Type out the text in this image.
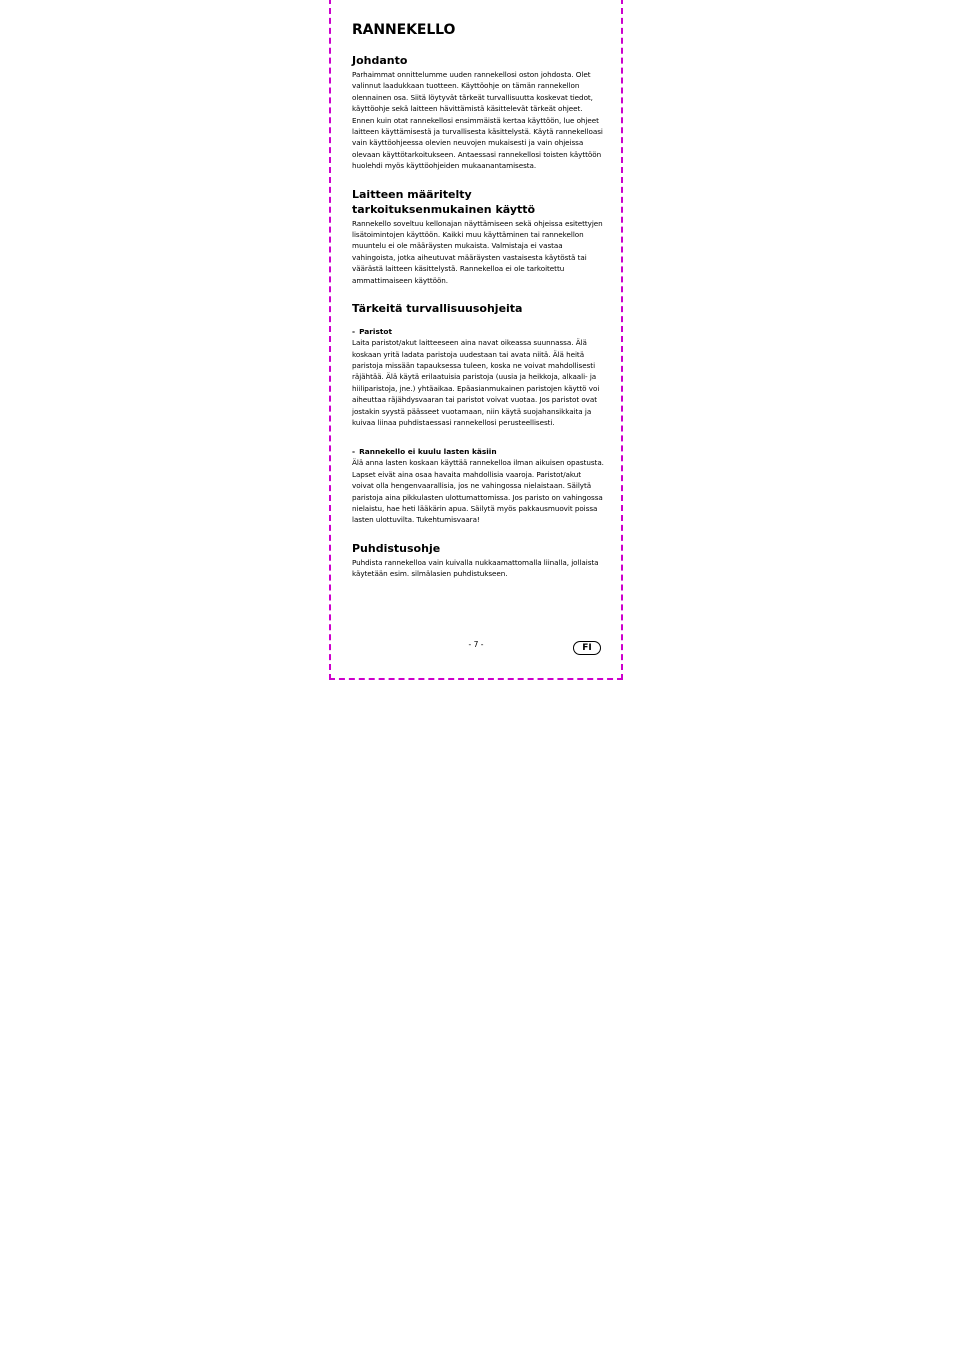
RANNEKELLO
Johdanto

Parhaimmat onnittelumme uuden rannekellosi oston johdosta. Olet valinnut laadukkaan tuotteen. Käyttöohje on tämän rannekellon olennainen osa. Siitä löytyvät tärkeät turvallisuutta koskevat tiedot, käyttöohje sekä laitteen hävittämistä käsittelevät tärkeät ohjeet. Ennen kuin otat rannekellosi ensimmäistä kertaa käyttöön, lue ohjeet laitteen käyttämisestä ja turvallisesta käsittelystä. Käytä rannekelloasi vain käyttöohjeessa olevien neuvojen mukaisesti ja vain ohjeissa olevaan käyttötarkoitukseen. Antaessasi rannekellosi toisten käyttöön huolehdi myös käyttöohjeiden mukaanantamisesta.

Laitteen määritelty
tarkoituksenmukainen käyttö

Rannekello soveltuu kellonajan näyttämiseen sekä ohjeissa esitettyjen lisätoimintojen käyttöön. Kaikki muu käyttäminen tai rannekellon muuntelu ei ole määräysten mukaista. Valmistaja ei vastaa vahingoista, jotka aiheutuvat määräysten vastaisesta käytöstä tai väärästä laitteen käsittelystä. Rannekelloa ei ole tarkoitettu ammattimaiseen käyttöön.

Tärkeitä turvallisuusohjeita
- Paristot

Laita paristot/akut laitteeseen aina navat oikeassa suunnassa. Älä koskaan yritä ladata paristoja uudestaan tai avata niitä. Älä heitä paristoja missään tapauksessa tuleen, koska ne voivat mahdollisesti räjähtää. Älä käytä erilaatuisia paristoja (uusia ja heikkoja, alkaali- ja hiiliparistoja, jne.) yhtäaikaa. Epäasianmukainen paristojen käyttö voi aiheuttaa räjähdysvaaran tai paristot voivat vuotaa. Jos paristot ovat jostakin syystä päässeet vuotamaan, niin käytä suojahansikkaita ja kuivaa liinaa puhdistaessasi rannekellosi perusteellisesti.

- Rannekello ei kuulu lasten käsiin

Älä anna lasten koskaan käyttää rannekelloa ilman aikuisen opastusta. Lapset eivät aina osaa havaita mahdollisia vaaroja. Paristot/akut voivat olla hengenvaarallisia, jos ne vahingossa nielaistaan. Säilytä paristoja aina pikkulasten ulottumattomissa. Jos paristo on vahingossa nielaistu, hae heti lääkärin apua. Säilytä myös pakkausmuovit poissa lasten ulottuvilta. Tukehtumisvaara!

Puhdistusohje

Puhdista rannekelloa vain kuivalla nukkaamattomalla liinalla, jollaista käytetään esim. silmälasien puhdistukseen.

- 7 -	FI
